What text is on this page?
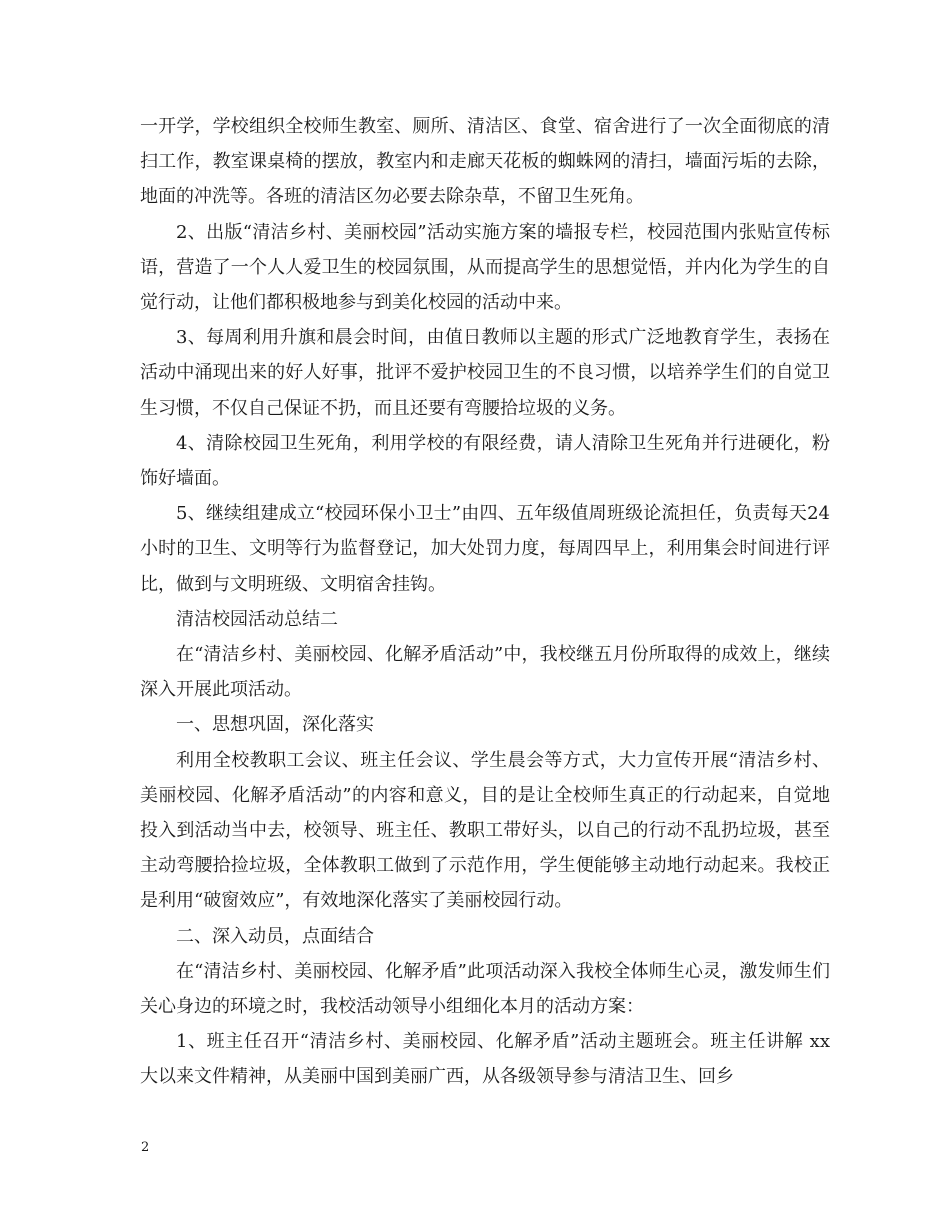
一开学，学校组织全校师生教室、厕所、清洁区、食堂、宿舍进行了一次全面彻底的清扫工作，教室课桌椅的摆放，教室内和走廊天花板的蜘蛛网的清扫，墙面污垢的去除，地面的冲洗等。各班的清洁区勿必要去除杂草，不留卫生死角。

2、出版“清洁乡村、美丽校园”活动实施方案的墙报专栏，校园范围内张贴宣传标语，营造了一个人人爱卫生的校园氛围，从而提高学生的思想觉悟，并内化为学生的自觉行动，让他们都积极地参与到美化校园的活动中来。

3、每周利用升旗和晨会时间，由值日教师以主题的形式广泛地教育学生，表扬在活动中涌现出来的好人好事，批评不爱护校园卫生的不良习惯，以培养学生们的自觉卫生习惯，不仅自己保证不扔，而且还要有弯腰拾垃圾的义务。

4、清除校园卫生死角，利用学校的有限经费，请人清除卫生死角并行进硬化，粉饰好墙面。

5、继续组建成立“校园环保小卫士”由四、五年级值周班级论流担任，负责每天24小时的卫生、文明等行为监督登记，加大处罚力度，每周四早上，利用集会时间进行评比，做到与文明班级、文明宿舍挂钩。

清洁校园活动总结二

在“清洁乡村、美丽校园、化解矛盾活动”中，我校继五月份所取得的成效上，继续深入开展此项活动。

一、思想巩固，深化落实

利用全校教职工会议、班主任会议、学生晨会等方式，大力宣传开展“清洁乡村、美丽校园、化解矛盾活动”的内容和意义，目的是让全校师生真正的行动起来，自觉地投入到活动当中去，校领导、班主任、教职工带好头，以自己的行动不乱扔垃圾，甚至主动弯腰拾捡垃圾，全体教职工做到了示范作用，学生便能够主动地行动起来。我校正是利用“破窗效应”，有效地深化落实了美丽校园行动。

二、深入动员，点面结合

在“清洁乡村、美丽校园、化解矛盾”此项活动深入我校全体师生心灵，激发师生们关心身边的环境之时，我校活动领导小组细化本月的活动方案：

1、班主任召开“清洁乡村、美丽校园、化解矛盾”活动主题班会。班主任讲解 xx 大以来文件精神，从美丽中国到美丽广西，从各级领导参与清洁卫生、回乡

2
